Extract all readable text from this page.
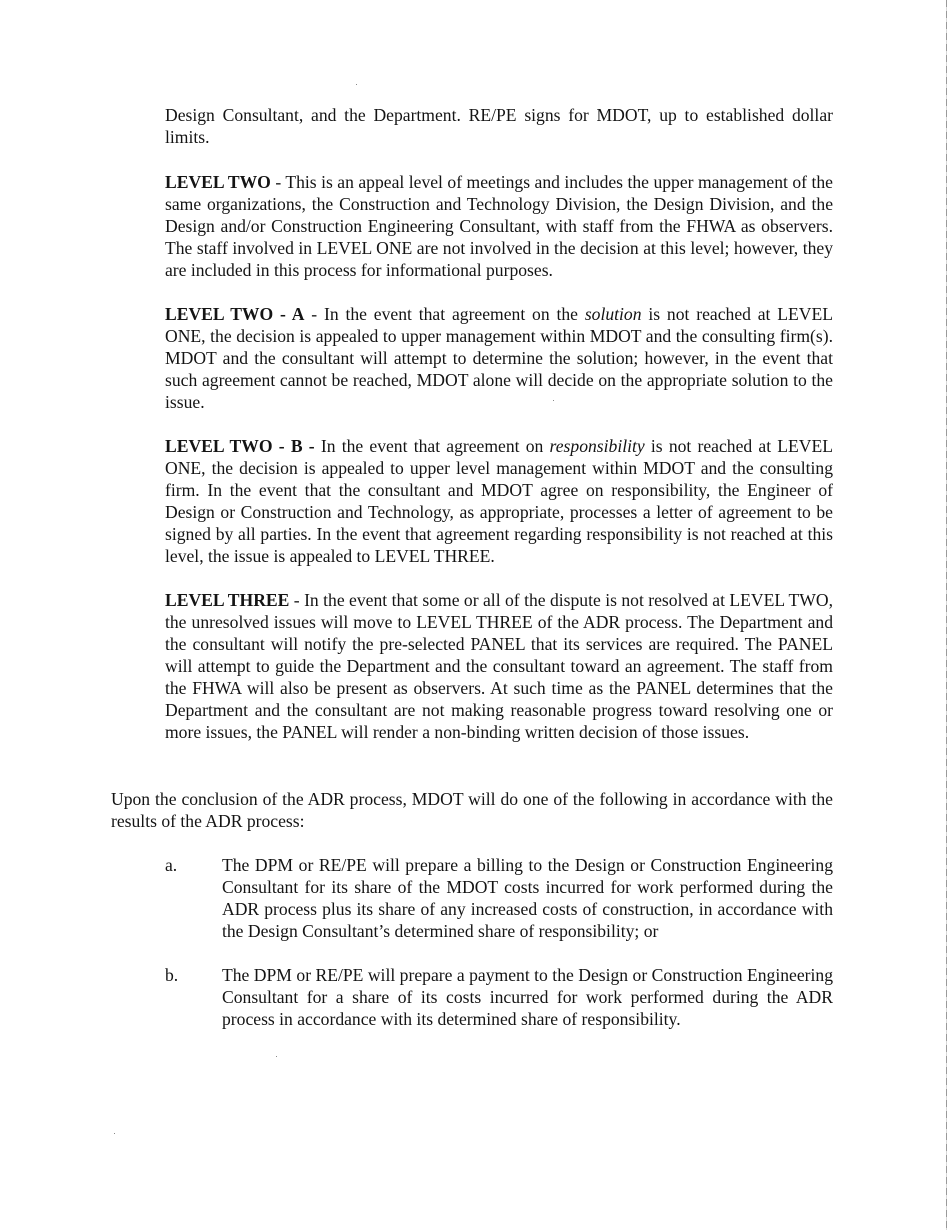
Design Consultant, and the Department. RE/PE signs for MDOT, up to established dollar limits.

LEVEL TWO - This is an appeal level of meetings and includes the upper management of the same organizations, the Construction and Technology Division, the Design Division, and the Design and/or Construction Engineering Consultant, with staff from the FHWA as observers. The staff involved in LEVEL ONE are not involved in the decision at this level; however, they are included in this process for informational purposes.

LEVEL TWO - A - In the event that agreement on the solution is not reached at LEVEL ONE, the decision is appealed to upper management within MDOT and the consulting firm(s). MDOT and the consultant will attempt to determine the solution; however, in the event that such agreement cannot be reached, MDOT alone will decide on the appropriate solution to the issue.

LEVEL TWO - B - In the event that agreement on responsibility is not reached at LEVEL ONE, the decision is appealed to upper level management within MDOT and the consulting firm. In the event that the consultant and MDOT agree on responsibility, the Engineer of Design or Construction and Technology, as appropriate, processes a letter of agreement to be signed by all parties. In the event that agreement regarding responsibility is not reached at this level, the issue is appealed to LEVEL THREE.

LEVEL THREE - In the event that some or all of the dispute is not resolved at LEVEL TWO, the unresolved issues will move to LEVEL THREE of the ADR process. The Department and the consultant will notify the pre-selected PANEL that its services are required. The PANEL will attempt to guide the Department and the consultant toward an agreement. The staff from the FHWA will also be present as observers. At such time as the PANEL determines that the Department and the consultant are not making reasonable progress toward resolving one or more issues, the PANEL will render a non-binding written decision of those issues.

Upon the conclusion of the ADR process, MDOT will do one of the following in accordance with the results of the ADR process:

a.	The DPM or RE/PE will prepare a billing to the Design or Construction Engineering Consultant for its share of the MDOT costs incurred for work performed during the ADR process plus its share of any increased costs of construction, in accordance with the Design Consultant’s determined share of responsibility; or

b. The DPM or RE/PE will prepare a payment to the Design or Construction Engineering Consultant for a share of its costs incurred for work performed during the ADR process in accordance with its determined share of responsibility.
